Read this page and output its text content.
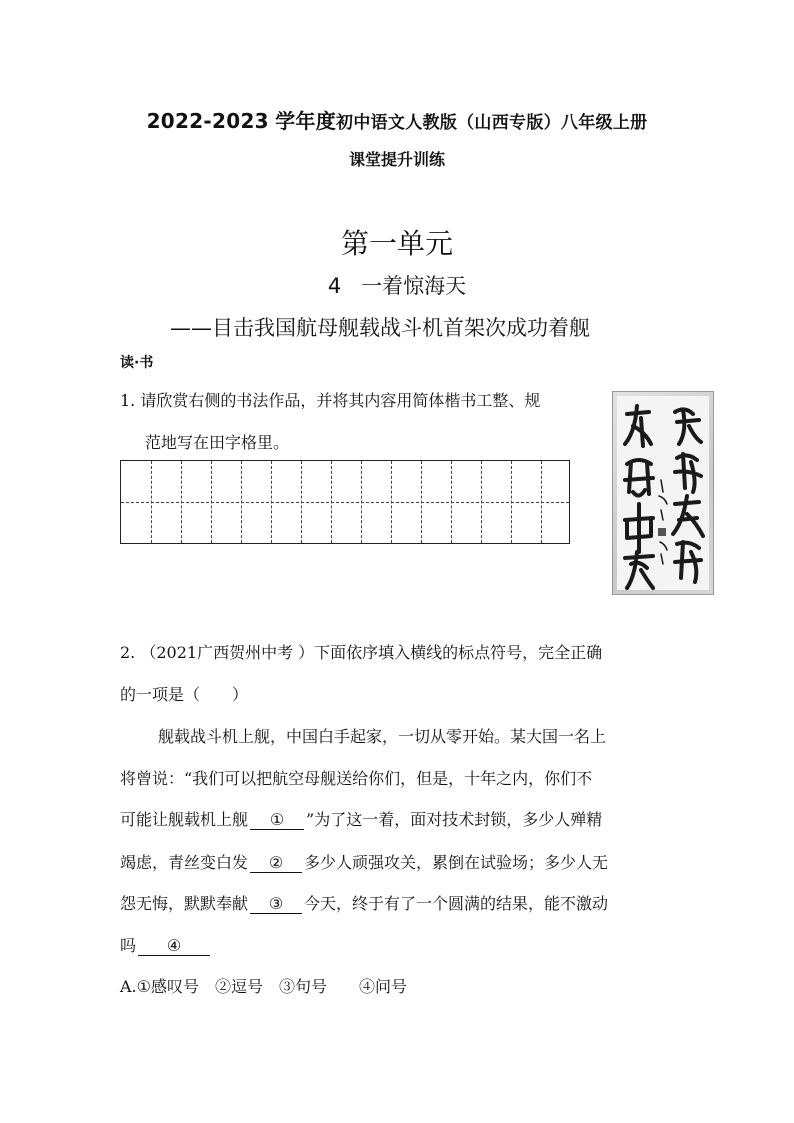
2022-2023 学年度初中语文人教版（山西专版）八年级上册
课堂提升训练
第一单元
4 一着惊海天
——目击我国航母舰载战斗机首架次成功着舰
读·书
1. 请欣赏右侧的书法作品，并将其内容用简体楷书工整、规
范地写在田字格里。
2. （2021广西贺州中考 ）下面依序填入横线的标点符号，完全正确
的一项是（　　）
舰载战斗机上舰，中国白手起家，一切从零开始。某大国一名上
将曾说：“我们可以把航空母舰送给你们，但是，十年之内，你们不
可能让舰载机上舰 ① ”为了这一着，面对技术封锁，多少人殚精
竭虑，青丝变白发 ② 多少人顽强攻关，累倒在试验场；多少人无
怨无悔，默默奉献 ③ 今天，终于有了一个圆满的结果，能不激动
吗 ④
A.①感叹号　②逗号　③句号　　④问号
